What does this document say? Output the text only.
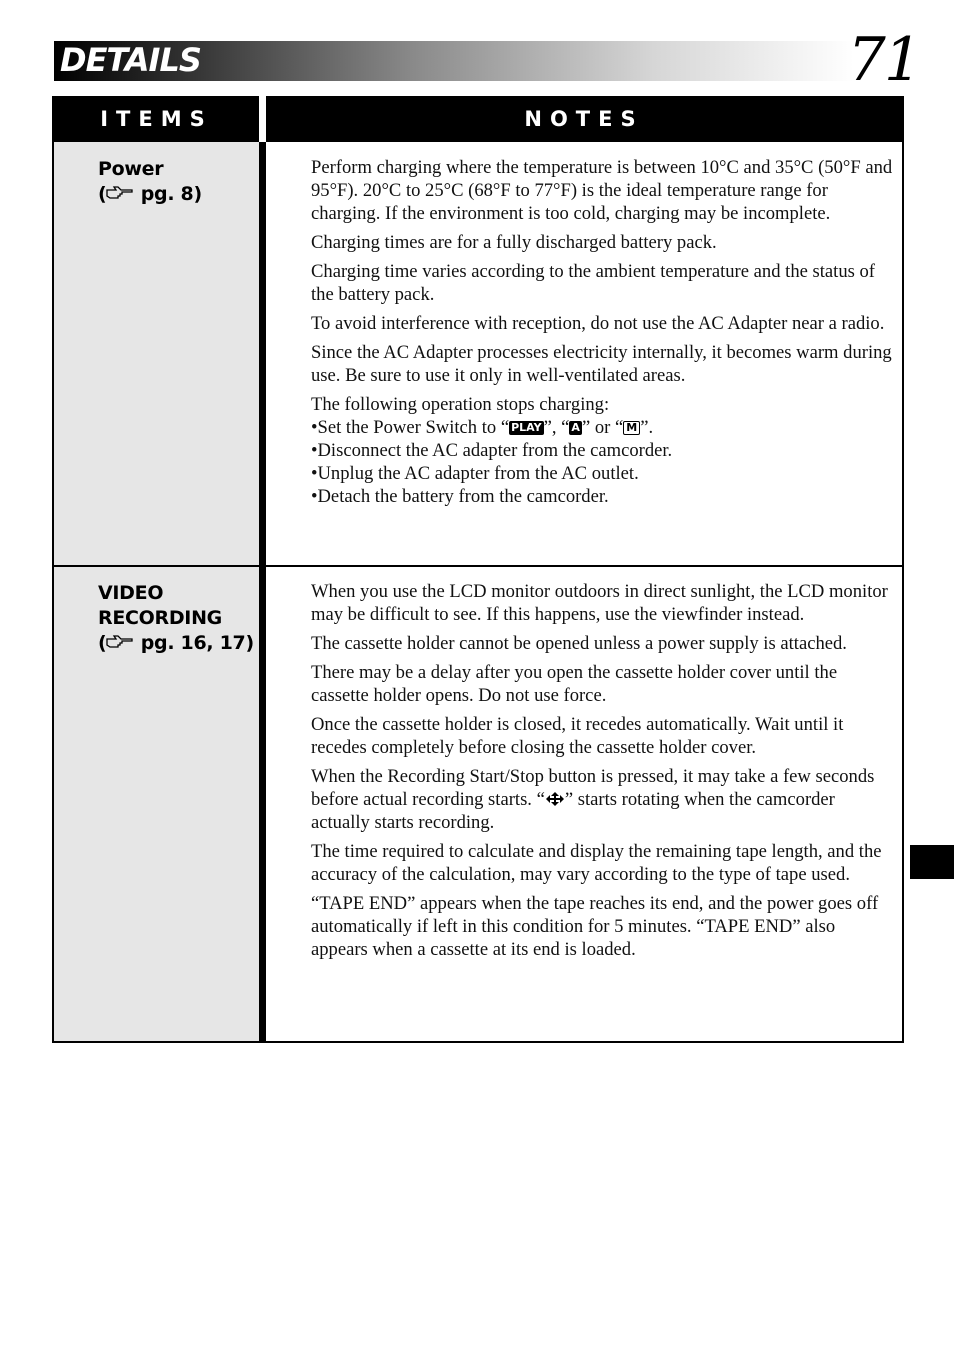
DETAILS	71
ITEMS	NOTES
Power
( pg. 8)

Perform charging where the temperature is between 10°C and 35°C (50°F and 95°F). 20°C to 25°C (68°F to 77°F) is the ideal temperature range for charging. If the environment is too cold, charging may be incomplete.

Charging times are for a fully discharged battery pack.

Charging time varies according to the ambient temperature and the status of the battery pack.

To avoid interference with reception, do not use the AC Adapter near a radio.

Since the AC Adapter processes electricity internally, it becomes warm during use. Be sure to use it only in well-ventilated areas.

The following operation stops charging:
•Set the Power Switch to “ PLAY ”, “ A ” or “ M ”.
•Disconnect the AC adapter from the camcorder.
•Unplug the AC adapter from the AC outlet.
•Detach the battery from the camcorder.

VIDEO
RECORDING
( pg. 16, 17)

When you use the LCD monitor outdoors in direct sunlight, the LCD monitor may be difficult to see. If this happens, use the viewfinder instead.

The cassette holder cannot be opened unless a power supply is attached.

There may be a delay after you open the cassette holder cover until the cassette holder opens. Do not use force.

Once the cassette holder is closed, it recedes automatically. Wait until it recedes completely before closing the cassette holder cover.

When the Recording Start/Stop button is pressed, it may take a few seconds before actual recording starts. “ ” starts rotating when the camcorder actually starts recording.

The time required to calculate and display the remaining tape length, and the accuracy of the calculation, may vary according to the type of tape used.

“TAPE END” appears when the tape reaches its end, and the power goes off automatically if left in this condition for 5 minutes. “TAPE END” also appears when a cassette at its end is loaded.
